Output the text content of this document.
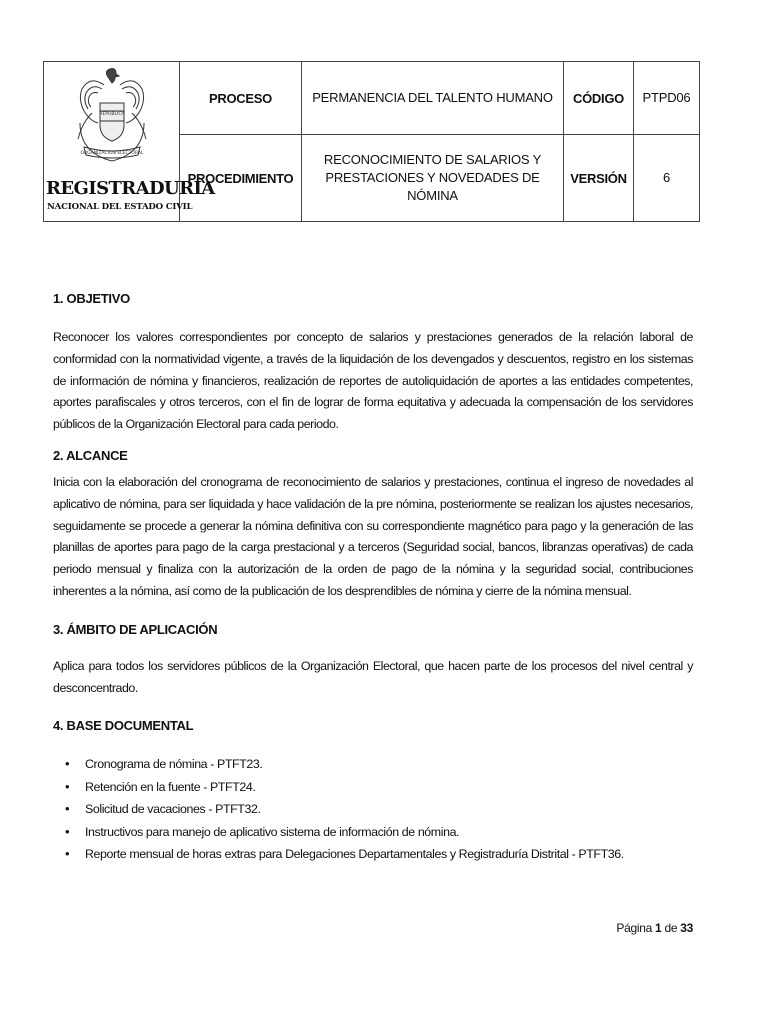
REPÚBLICA
ORGANIZACIÓN ELECTORAL
REGISTRADURÍA
NACIONAL DEL ESTADO CIVIL	PROCESO	PERMANENCIA DEL TALENTO HUMANO	CÓDIGO	PTPD06
	PROCEDIMIENTO	RECONOCIMIENTO DE SALARIOS Y
PRESTACIONES Y NOVEDADES DE NÓMINA	VERSIÓN	6
1. OBJETIVO

Reconocer los valores correspondientes por concepto de salarios y prestaciones generados de la relación laboral de conformidad con la normatividad vigente, a través de la liquidación de los devengados y descuentos, registro en los sistemas de información de nómina y financieros, realización de reportes de autoliquidación de aportes a las entidades competentes, aportes parafiscales y otros terceros, con el fin de lograr de forma equitativa y adecuada la compensación de los servidores públicos de la Organización Electoral para cada periodo.

2. ALCANCE

Inicia con la elaboración del cronograma de reconocimiento de salarios y prestaciones, continua el ingreso de novedades al aplicativo de nómina, para ser liquidada y hace validación de la pre nómina, posteriormente se realizan los ajustes necesarios, seguidamente se procede a generar la nómina definitiva con su correspondiente magnético para pago y la generación de las planillas de aportes para pago de la carga prestacional y a terceros (Seguridad social, bancos, libranzas operativas) de cada periodo mensual y finaliza con la autorización de la orden de pago de la nómina y la seguridad social, contribuciones inherentes a la nómina, así como de la publicación de los desprendibles de nómina y cierre de la nómina mensual.

3. ÁMBITO DE APLICACIÓN

Aplica para todos los servidores públicos de la Organización Electoral, que hacen parte de los procesos del nivel central y desconcentrado.

4. BASE DOCUMENTAL
• Cronograma de nómina - PTFT23.
• Retención en la fuente - PTFT24.
• Solicitud de vacaciones - PTFT32.
• Instructivos para manejo de aplicativo sistema de información de nómina.
• Reporte mensual de horas extras para Delegaciones Departamentales y Registraduría Distrital - PTFT36.
Página 1 de 33
